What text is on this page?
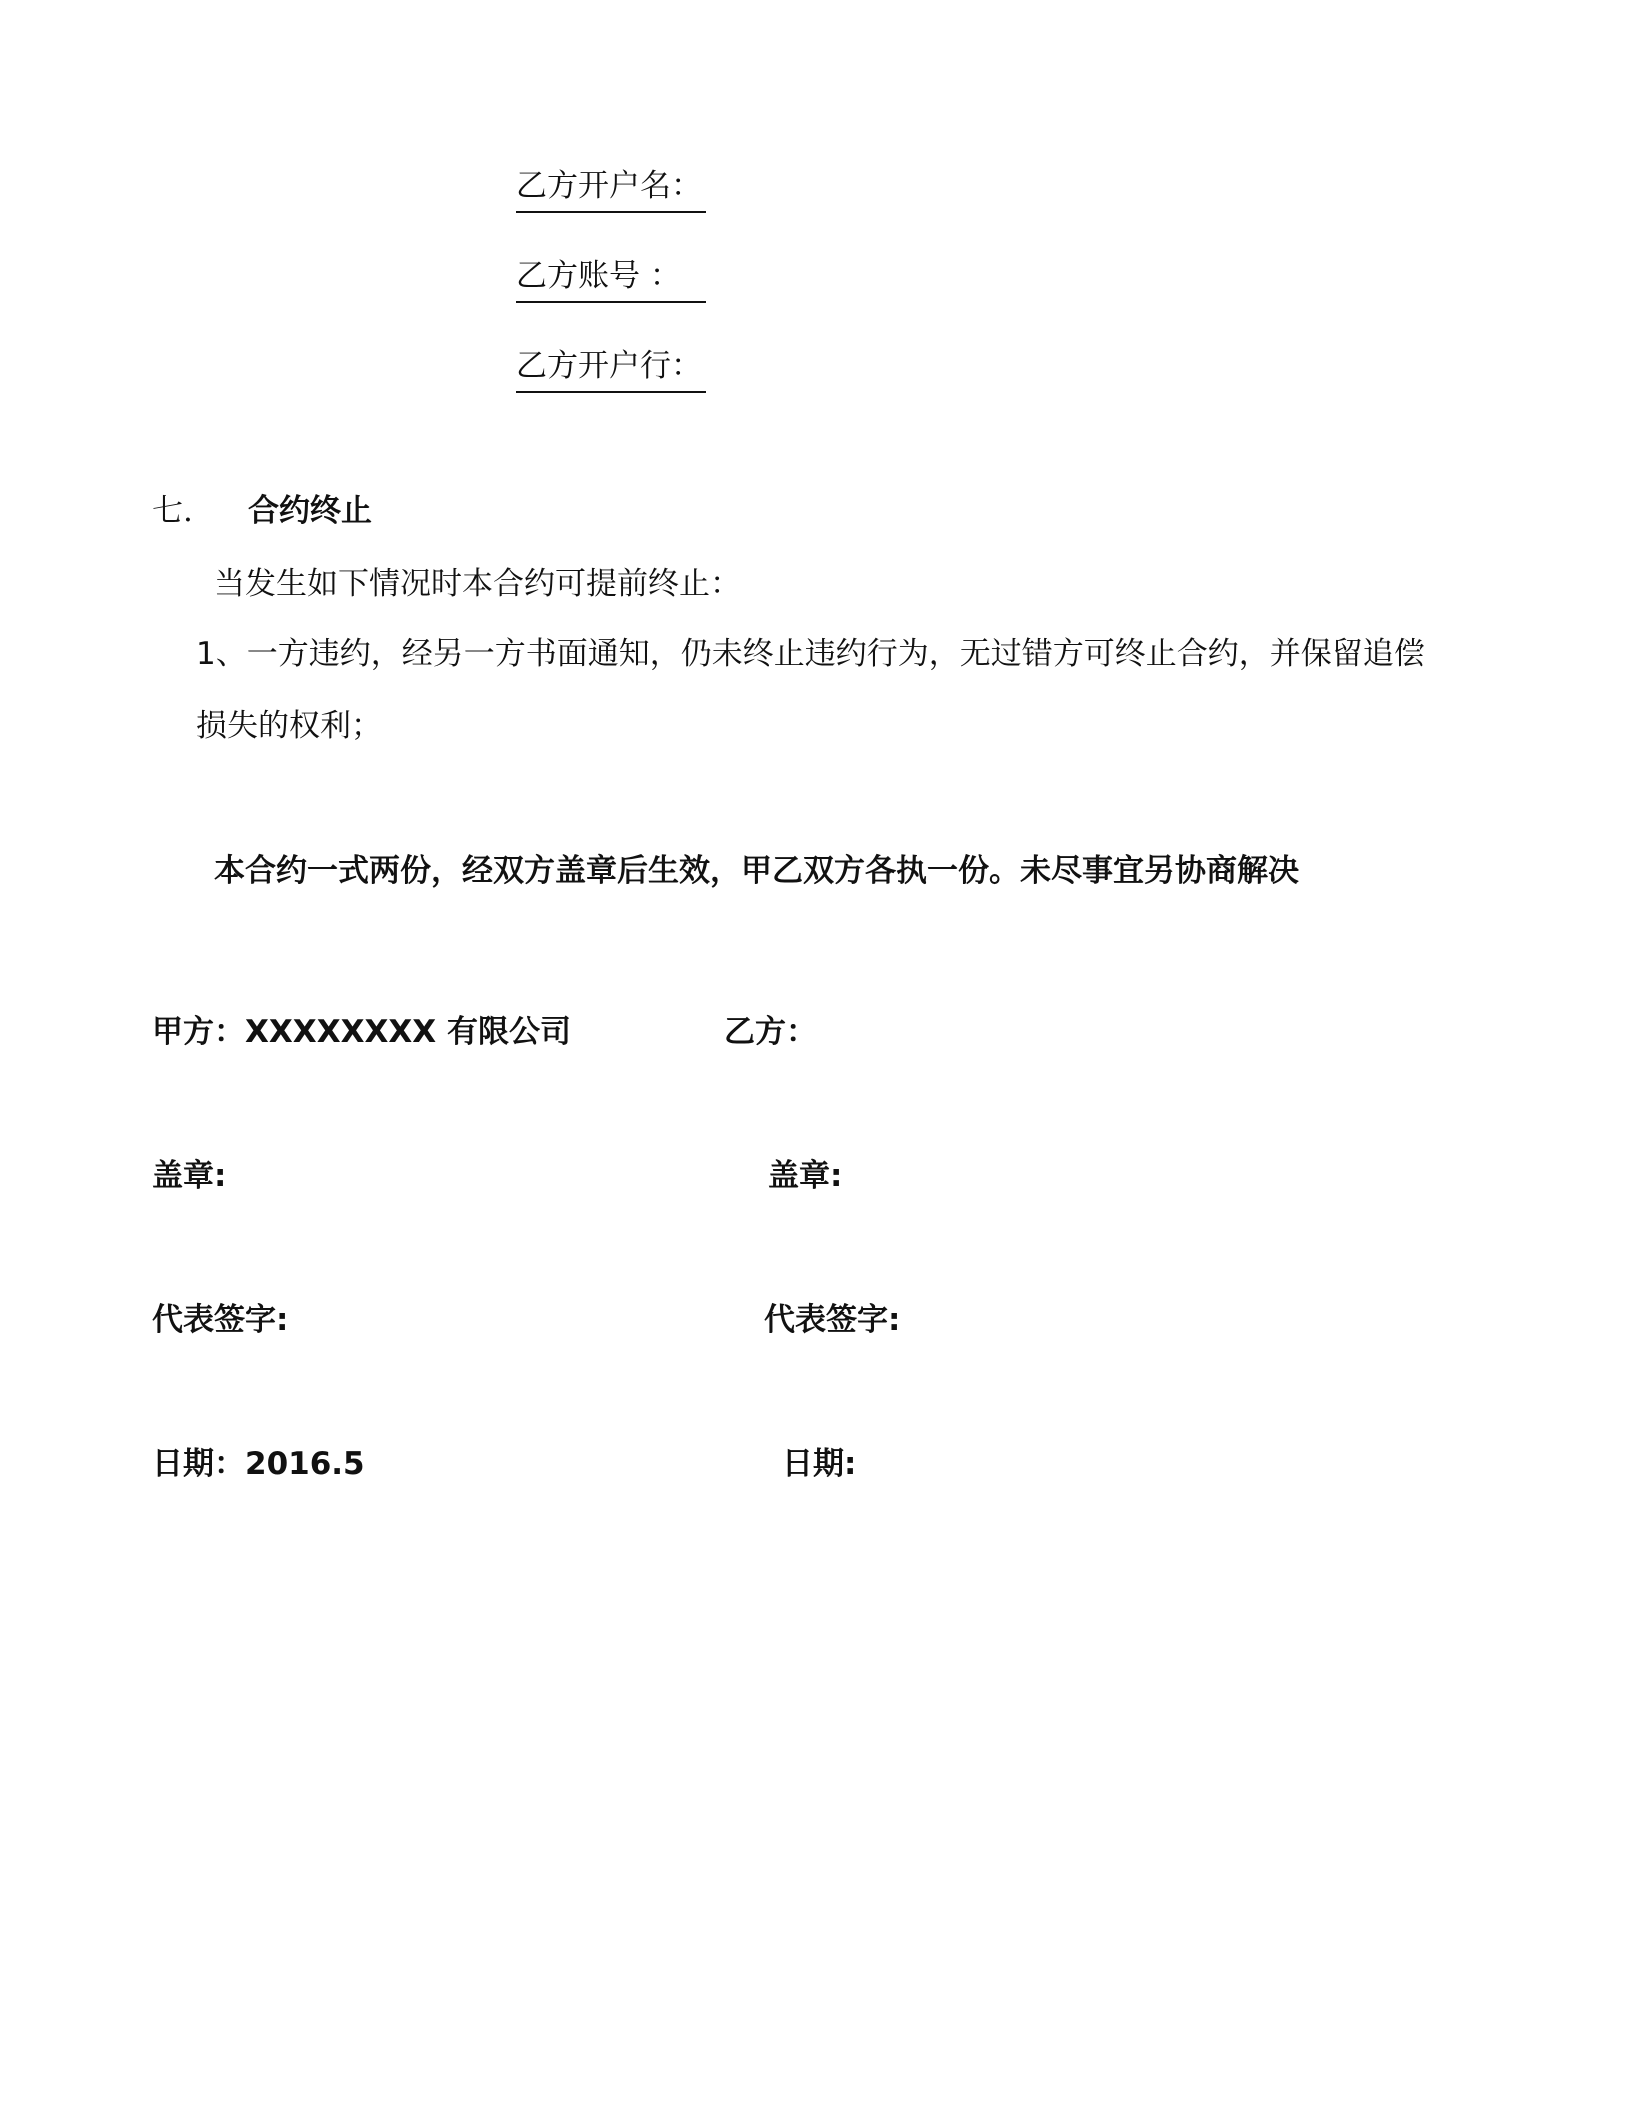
乙方开户名：
乙方账号 ：
乙方开户行：
七. 合约终止
当发生如下情况时本合约可提前终止：
1、一方违约，经另一方书面通知，仍未终止违约行为，无过错方可终止合约，并保留追偿
损失的权利；
本合约一式两份，经双方盖章后生效，甲乙双方各执一份。未尽事宜另协商解决
甲方：XXXXXXXX 有限公司	乙方：
盖章:	盖章:
代表签字:	代表签字:
日期：2016.5	日期:
